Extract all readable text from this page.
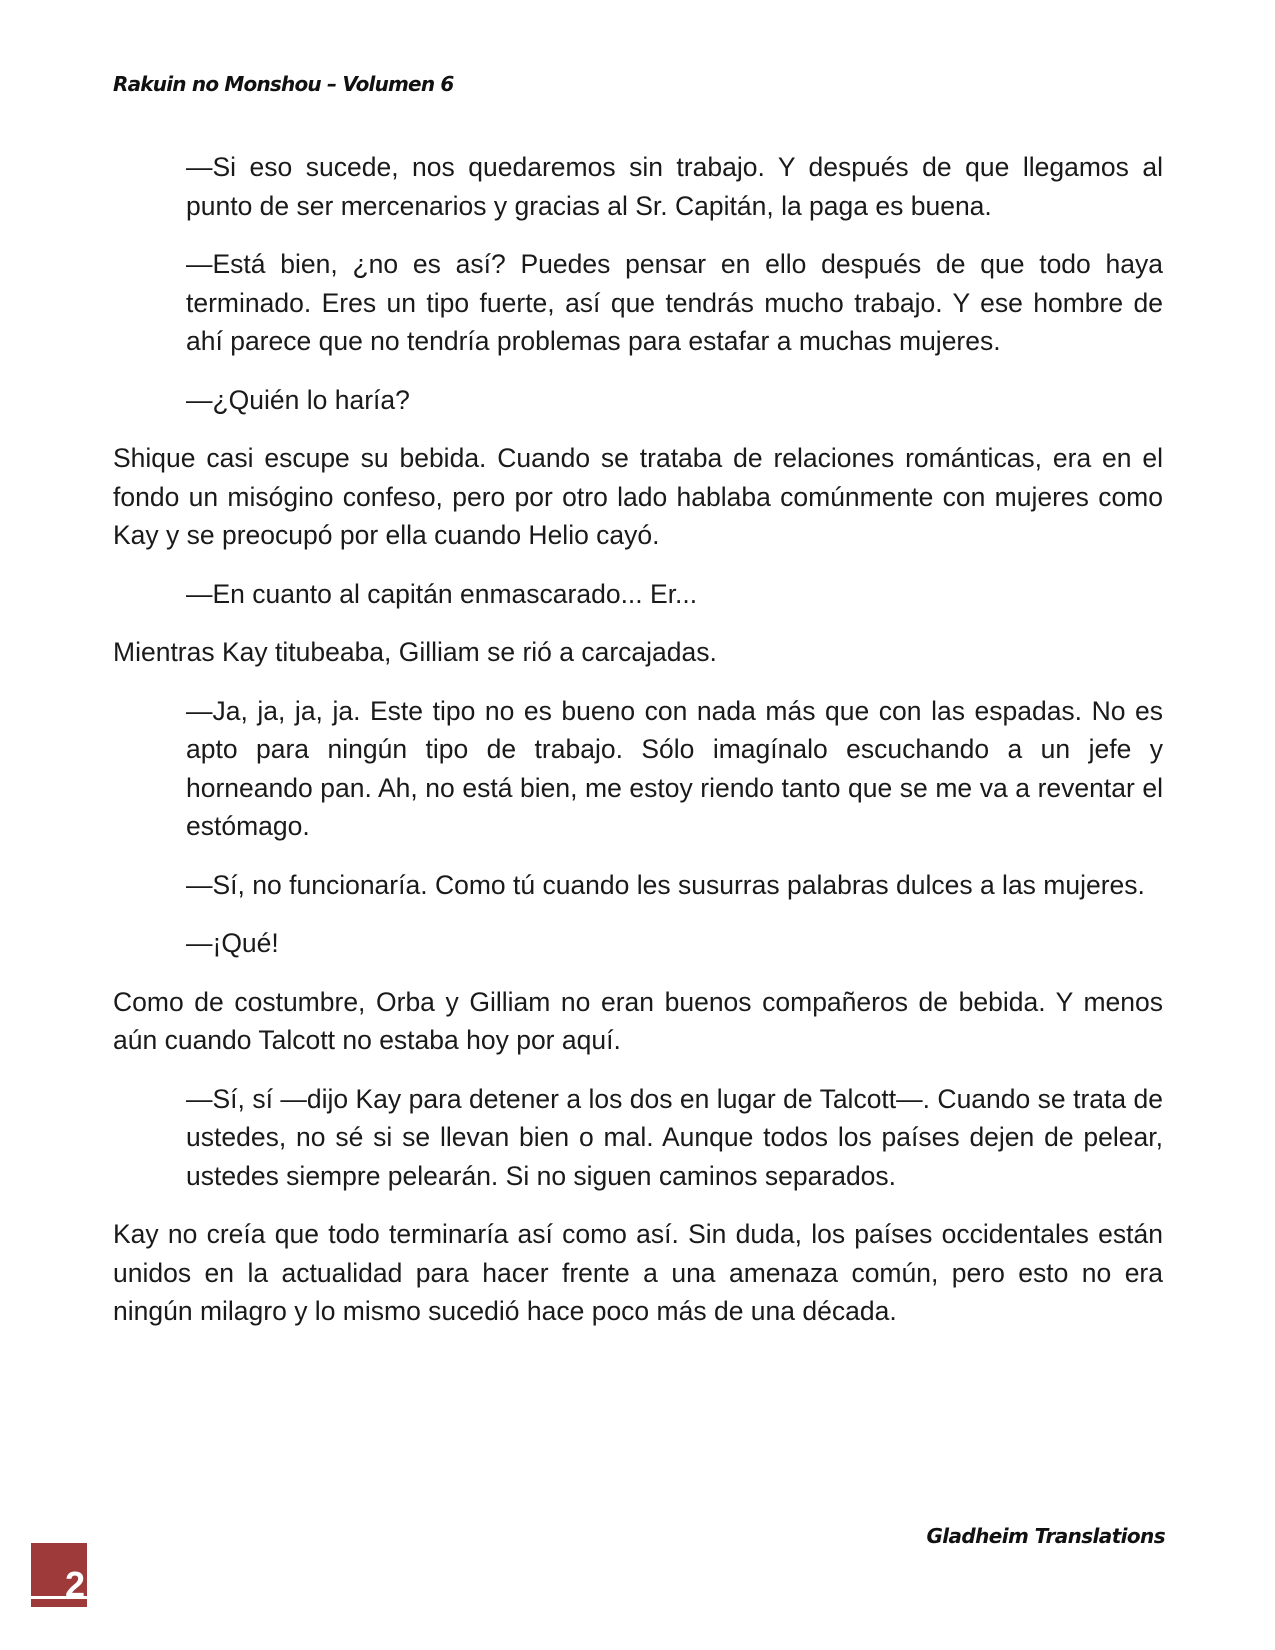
Rakuin no Monshou – Volumen 6

—Si eso sucede, nos quedaremos sin trabajo. Y después de que llegamos al punto de ser mercenarios y gracias al Sr. Capitán, la paga es buena.

—Está bien, ¿no es así? Puedes pensar en ello después de que todo haya terminado. Eres un tipo fuerte, así que tendrás mucho trabajo. Y ese hombre de ahí parece que no tendría problemas para estafar a muchas mujeres.

—¿Quién lo haría?

Shique casi escupe su bebida. Cuando se trataba de relaciones románticas, era en el fondo un misógino confeso, pero por otro lado hablaba comúnmente con mujeres como Kay y se preocupó por ella cuando Helio cayó.

—En cuanto al capitán enmascarado... Er...

Mientras Kay titubeaba, Gilliam se rió a carcajadas.

—Ja, ja, ja, ja. Este tipo no es bueno con nada más que con las espadas. No es apto para ningún tipo de trabajo. Sólo imagínalo escuchando a un jefe y horneando pan. Ah, no está bien, me estoy riendo tanto que se me va a reventar el estómago.

—Sí, no funcionaría. Como tú cuando les susurras palabras dulces a las mujeres.

—¡Qué!

Como de costumbre, Orba y Gilliam no eran buenos compañeros de bebida. Y menos aún cuando Talcott no estaba hoy por aquí.

—Sí, sí —dijo Kay para detener a los dos en lugar de Talcott—. Cuando se trata de ustedes, no sé si se llevan bien o mal. Aunque todos los países dejen de pelear, ustedes siempre pelearán. Si no siguen caminos separados.

Kay no creía que todo terminaría así como así. Sin duda, los países occidentales están unidos en la actualidad para hacer frente a una amenaza común, pero esto no era ningún milagro y lo mismo sucedió hace poco más de una década.

Gladheim Translations
2
